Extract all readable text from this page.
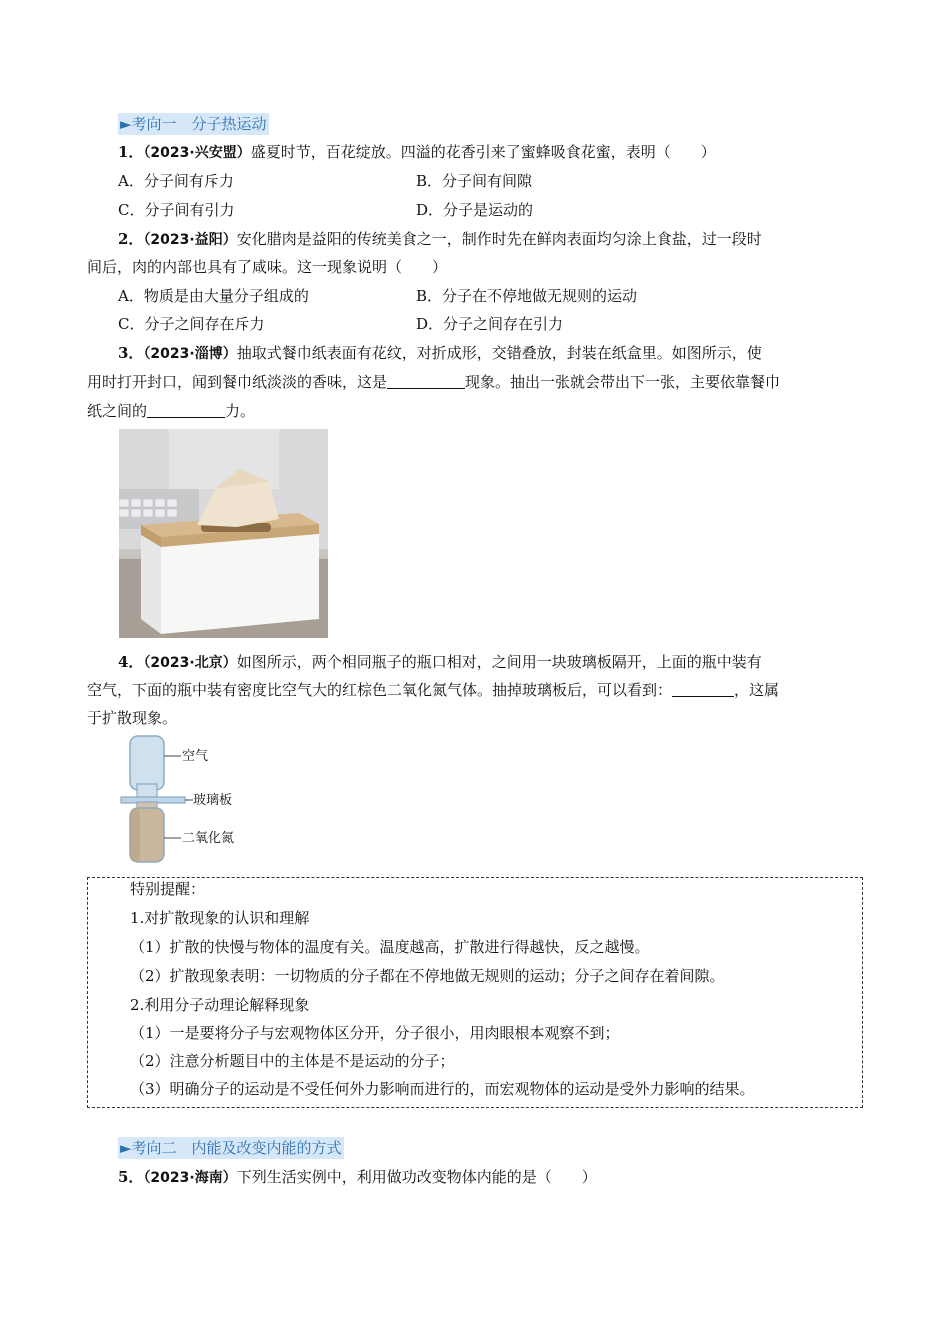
►考向一　分子热运动
1．（2023·兴安盟）盛夏时节，百花绽放。四溢的花香引来了蜜蜂吸食花蜜，表明（　　）
A．分子间有斥力	B．分子间有间隙
C．分子间有引力	D．分子是运动的
2．（2023·益阳）安化腊肉是益阳的传统美食之一，制作时先在鲜肉表面均匀涂上食盐，过一段时
间后，肉的内部也具有了咸味。这一现象说明（　　）
A．物质是由大量分子组成的	B．分子在不停地做无规则的运动
C．分子之间存在斥力	D．分子之间存在引力
3．（2023·淄博）抽取式餐巾纸表面有花纹，对折成形，交错叠放，封装在纸盒里。如图所示，使
用时打开封口，闻到餐巾纸淡淡的香味，这是	现象。抽出一张就会带出下一张，主要依靠餐巾
纸之间的	力。
4．（2023·北京）如图所示，两个相同瓶子的瓶口相对，之间用一块玻璃板隔开，上面的瓶中装有
空气，下面的瓶中装有密度比空气大的红棕色二氧化氮气体。抽掉玻璃板后，可以看到：	，这属
于扩散现象。
空气
玻璃板
二氧化氮
特别提醒：
1.对扩散现象的认识和理解
（1）扩散的快慢与物体的温度有关。温度越高，扩散进行得越快，反之越慢。
（2）扩散现象表明：一切物质的分子都在不停地做无规则的运动；分子之间存在着间隙。
2.利用分子动理论解释现象
（1）一是要将分子与宏观物体区分开，分子很小，用肉眼根本观察不到；
（2）注意分析题目中的主体是不是运动的分子；
（3）明确分子的运动是不受任何外力影响而进行的，而宏观物体的运动是受外力影响的结果。
►考向二　内能及改变内能的方式
5．（2023·海南）下列生活实例中，利用做功改变物体内能的是（　　）
